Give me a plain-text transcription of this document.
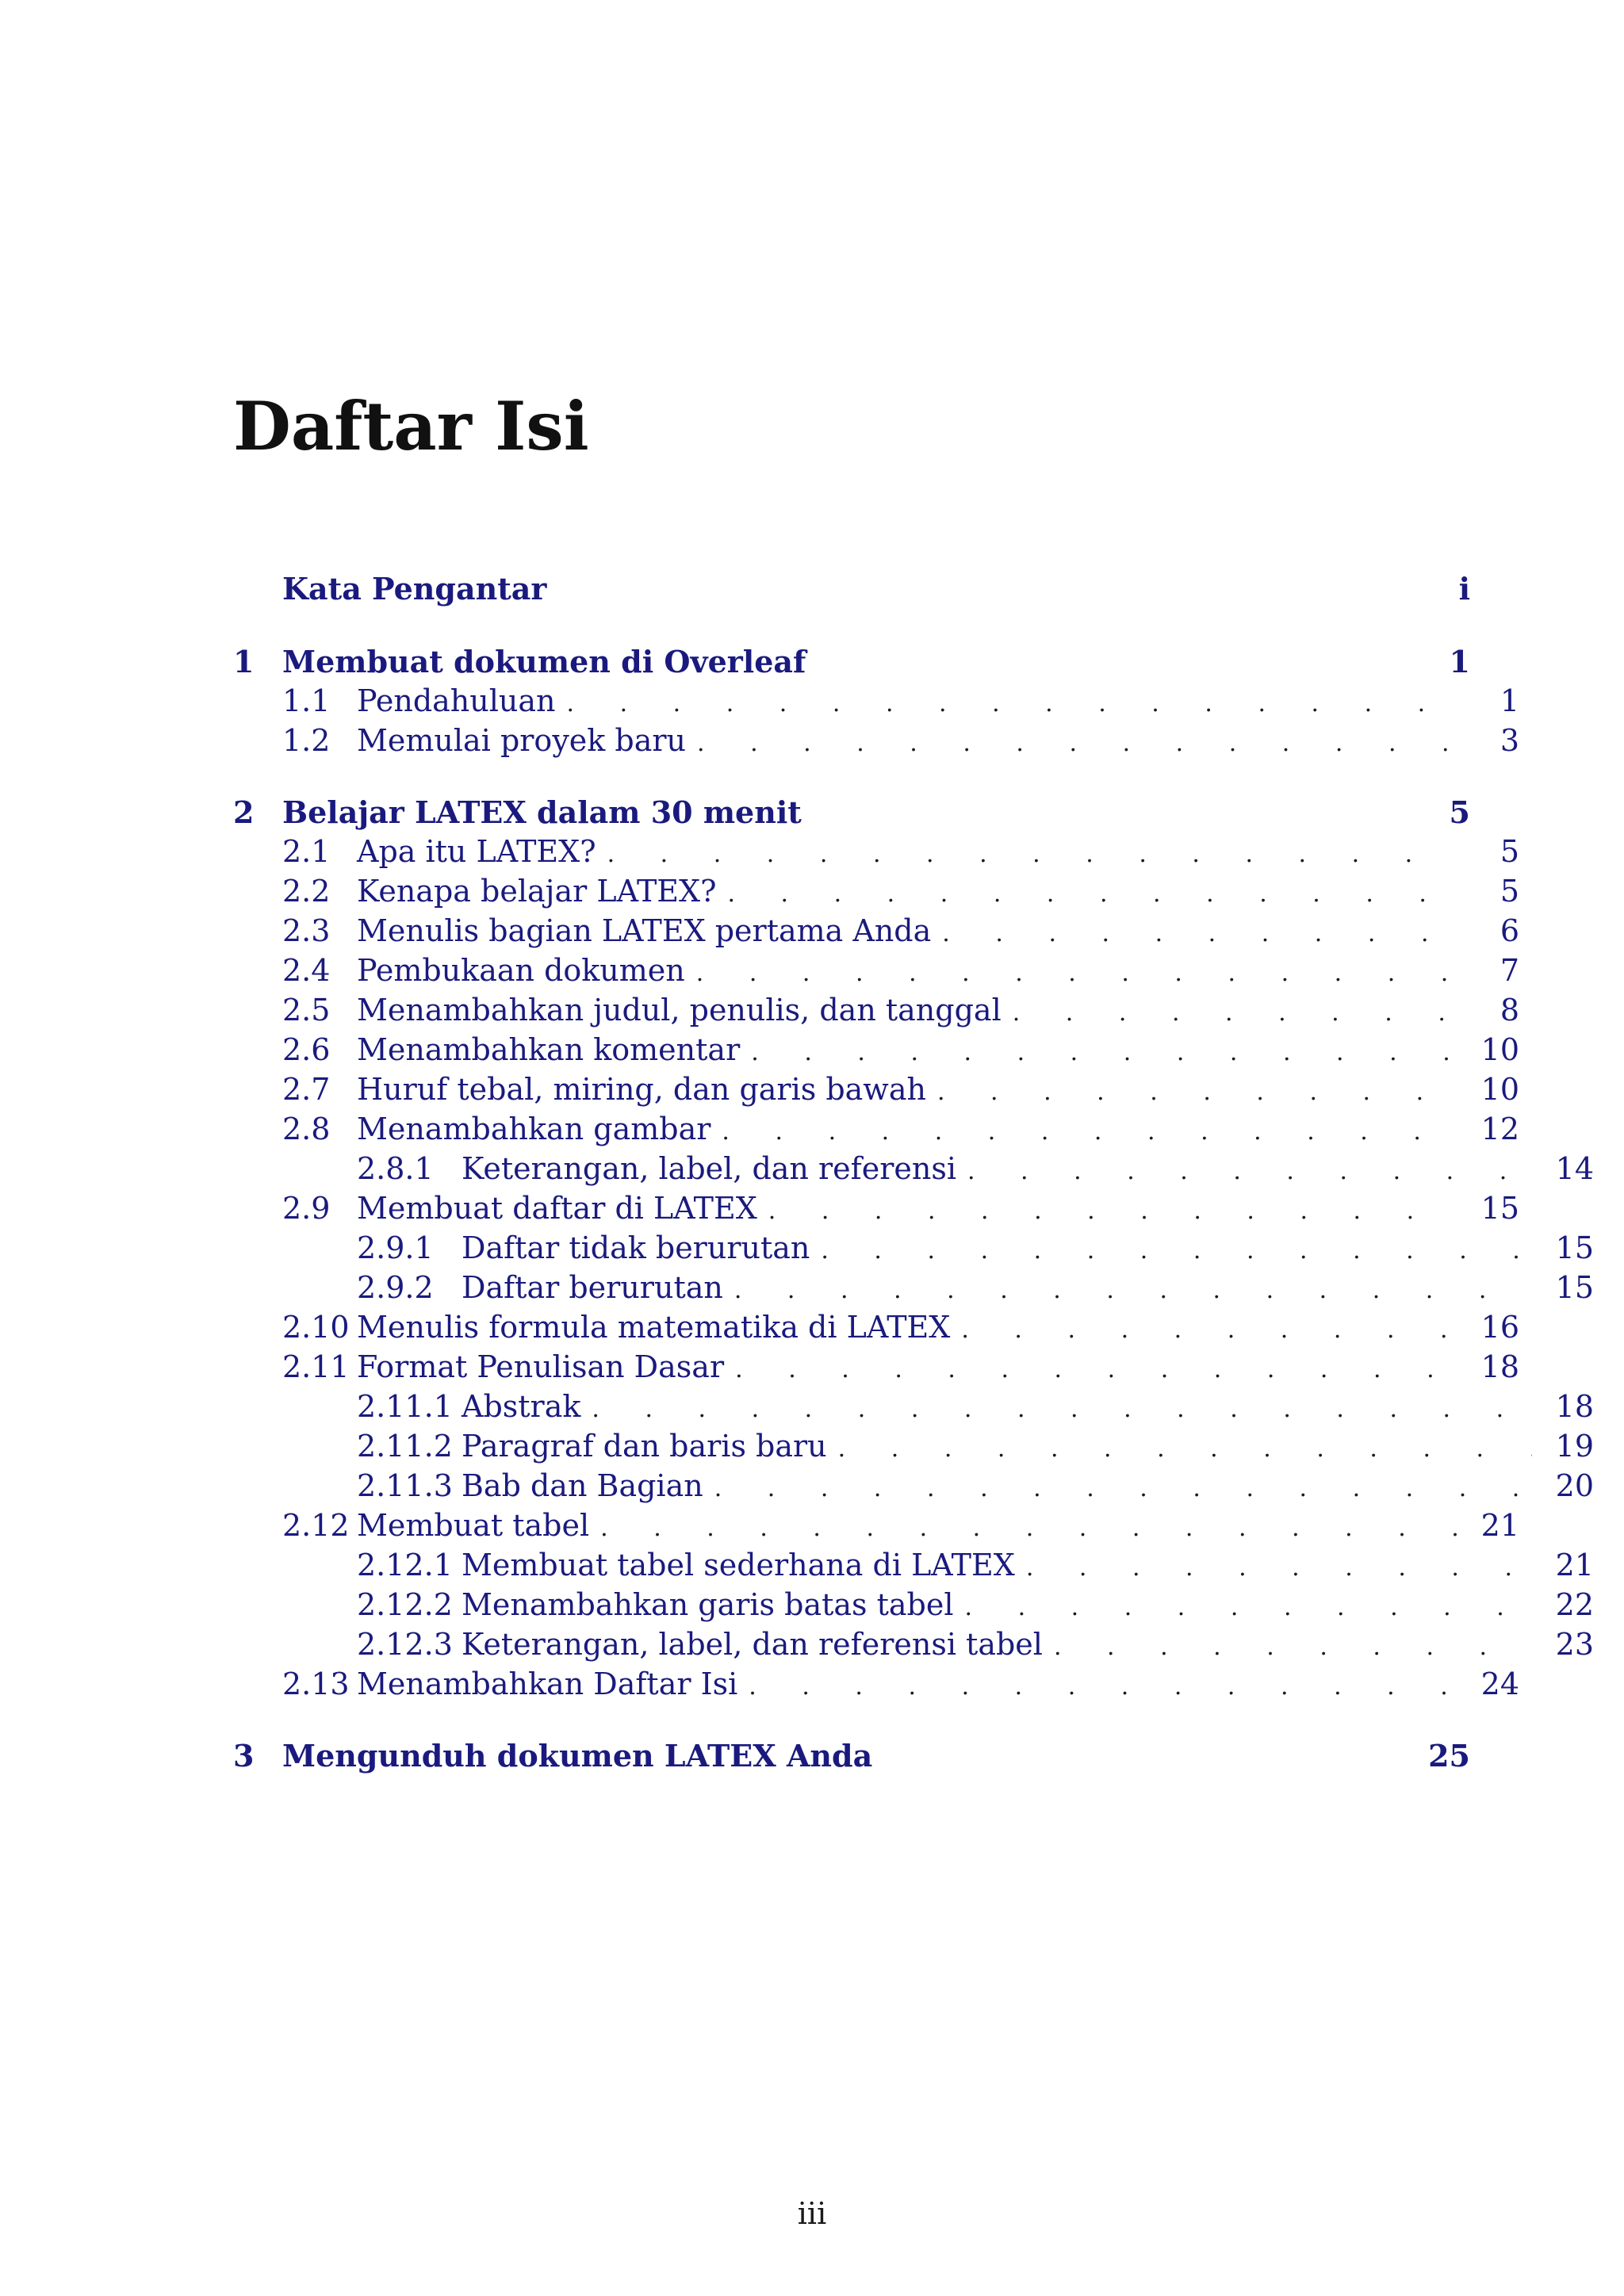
Daftar Isi
Kata Pengantar	i
1 Membuat dokumen di Overleaf	1
1.1 Pendahuluan . . .	1
1.2 Memulai proyek baru . . .	3
2 Belajar LATEX dalam 30 menit	5
2.1 Apa itu LATEX? . . .	5
2.2 Kenapa belajar LATEX? . . .	5
2.3 Menulis bagian LATEX pertama Anda . . .	6
2.4 Pembukaan dokumen . . .	7
2.5 Menambahkan judul, penulis, dan tanggal . . .	8
2.6 Menambahkan komentar . . .	10
2.7 Huruf tebal, miring, dan garis bawah . . .	10
2.8 Menambahkan gambar . . .	12
2.8.1 Keterangan, label, dan referensi . . .	14
2.9 Membuat daftar di LATEX . . .	15
2.9.1 Daftar tidak berurutan . . .	15
2.9.2 Daftar berurutan . . .	15
2.10 Menulis formula matematika di LATEX . . .	16
2.11 Format Penulisan Dasar . . .	18
2.11.1 Abstrak . . .	18
2.11.2 Paragraf dan baris baru . . .	19
2.11.3 Bab dan Bagian . . .	20
2.12 Membuat tabel . . .	21
2.12.1 Membuat tabel sederhana di LATEX . . .	21
2.12.2 Menambahkan garis batas tabel . . .	22
2.12.3 Keterangan, label, dan referensi tabel . . .	23
2.13 Menambahkan Daftar Isi . . .	24
3 Mengunduh dokumen LATEX Anda	25
iii
